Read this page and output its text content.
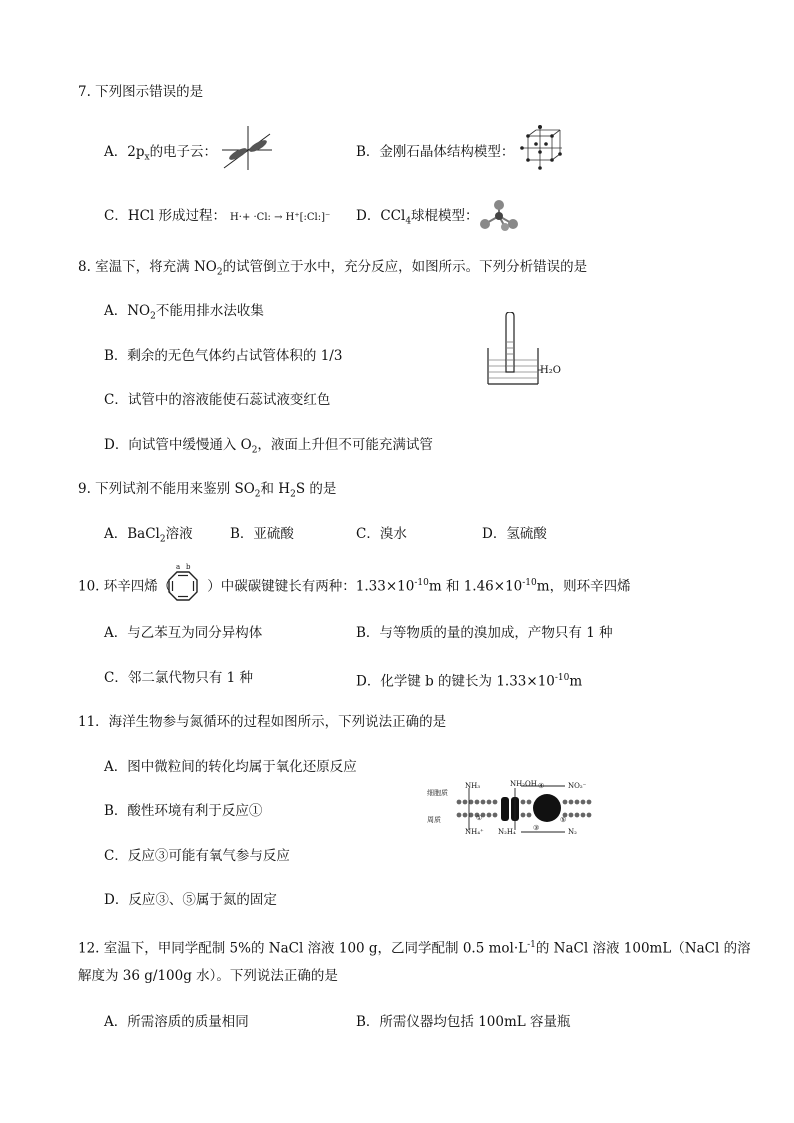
7. 下列图示错误的是
A．$2p_x$的电子云：	B．金刚石晶体结构模型：
C．HCl 形成过程： H·+ ·Cl: → H⁺[:Cl:]⁻ D．CCl$_4$球棍模型：
8. 室温下，将充满 $NO_2$的试管倒立于水中，充分反应，如图所示。下列分析错误的是
A．$NO_2$不能用排水法收集
B．剩余的无色气体约占试管体积的 1/3
C．试管中的溶液能使石蕊试液变红色
D．向试管中缓慢通入 $O_2$，液面上升但不可能充满试管
H₂O
9. 下列试剂不能用来鉴别 $SO_2$和 $H_2S$ 的是
A．BaCl$_2$溶液	B．亚硫酸	C．溴水	D．氢硫酸
10. 环辛四烯（	）中碳碳键键长有两种：$1.33\times 10^{-10}m$ 和 $1.46\times 10^{-10}m$，则环辛四烯
a b
A．与乙苯互为同分异构体	B．与等物质的量的溴加成，产物只有 1 种
C．邻二氯代物只有 1 种	D．化学键 b 的键长为 $1.33\times 10^{-10}m$
11．海洋生物参与氮循环的过程如图所示，下列说法正确的是
A．图中微粒间的转化均属于氧化还原反应
B．酸性环境有利于反应①
C．反应③可能有氧气参与反应
D．反应③、⑤属于氮的固定
细胞质
周质
NH₃	NH₂OH	NO₂⁻
NH₄⁺ N₂H₄	N₂
①
③
④
⑤
12. 室温下，甲同学配制 5%的 NaCl 溶液 100 g，乙同学配制 0.5 $mol\cdot L^{-1}$的 NaCl 溶液 100mL（NaCl 的溶
解度为 36 g/100g 水）。下列说法正确的是
A．所需溶质的质量相同	B．所需仪器均包括 100mL 容量瓶
